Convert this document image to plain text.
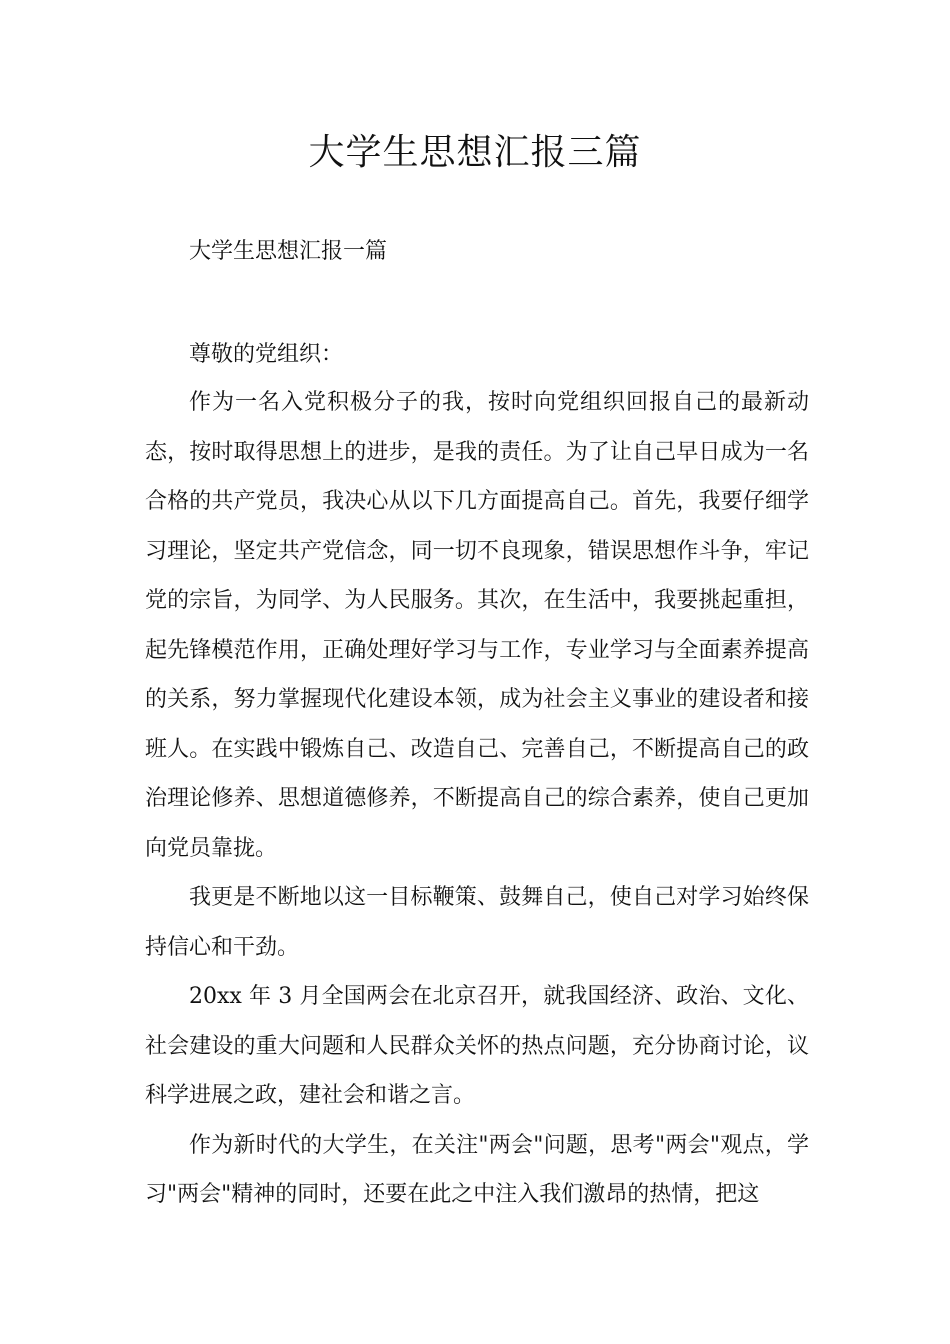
大学生思想汇报三篇

大学生思想汇报一篇

尊敬的党组织：

作为一名入党积极分子的我，按时向党组织回报自己的最新动态，按时取得思想上的进步，是我的责任。为了让自己早日成为一名合格的共产党员，我决心从以下几方面提高自己。首先，我要仔细学习理论，坚定共产党信念，同一切不良现象，错误思想作斗争，牢记党的宗旨，为同学、为人民服务。其次，在生活中，我要挑起重担，起先锋模范作用，正确处理好学习与工作，专业学习与全面素养提高的关系，努力掌握现代化建设本领，成为社会主义事业的建设者和接班人。在实践中锻炼自己、改造自己、完善自己，不断提高自己的政治理论修养、思想道德修养，不断提高自己的综合素养，使自己更加向党员靠拢。

我更是不断地以这一目标鞭策、鼓舞自己，使自己对学习始终保持信心和干劲。

20xx 年 3 月全国两会在北京召开，就我国经济、政治、文化、社会建设的重大问题和人民群众关怀的热点问题，充分协商讨论，议科学进展之政，建社会和谐之言。

作为新时代的大学生，在关注"两会"问题，思考"两会"观点，学习"两会"精神的同时，还要在此之中注入我们激昂的热情，把这
